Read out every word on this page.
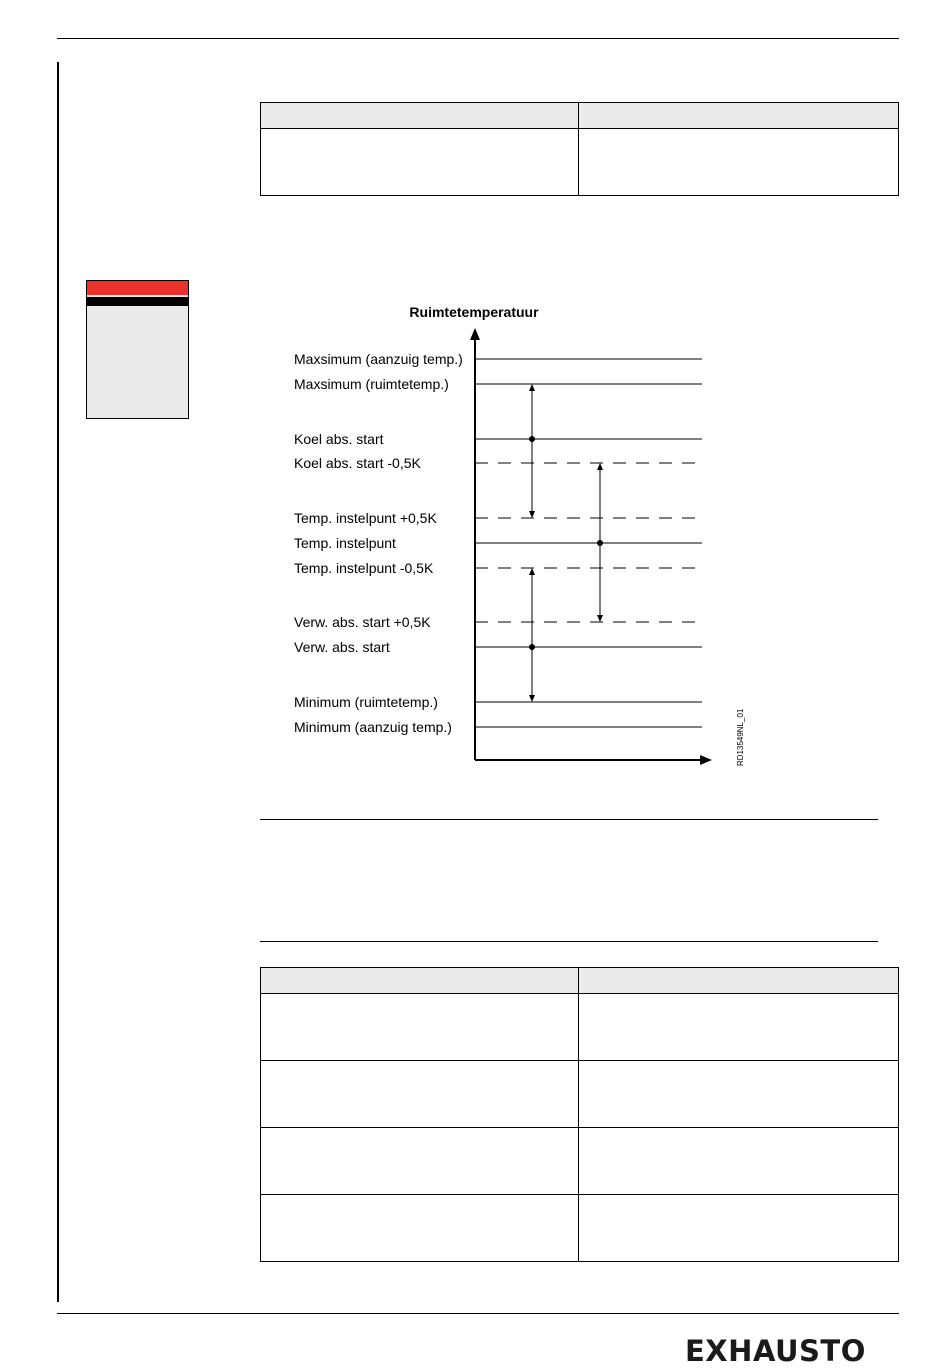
Ruimtetemperatuur
Maxsimum (aanzuig temp.)
Maxsimum (ruimtetemp.)
Koel abs. start
Koel abs. start -0,5K
Temp. instelpunt +0,5K
Temp. instelpunt
Temp. instelpunt -0,5K
Verw. abs. start +0,5K
Verw. abs. start
Minimum (ruimtetemp.)
Minimum (aanzuig temp.)	RD13549NL_01

EXHAUSTO
